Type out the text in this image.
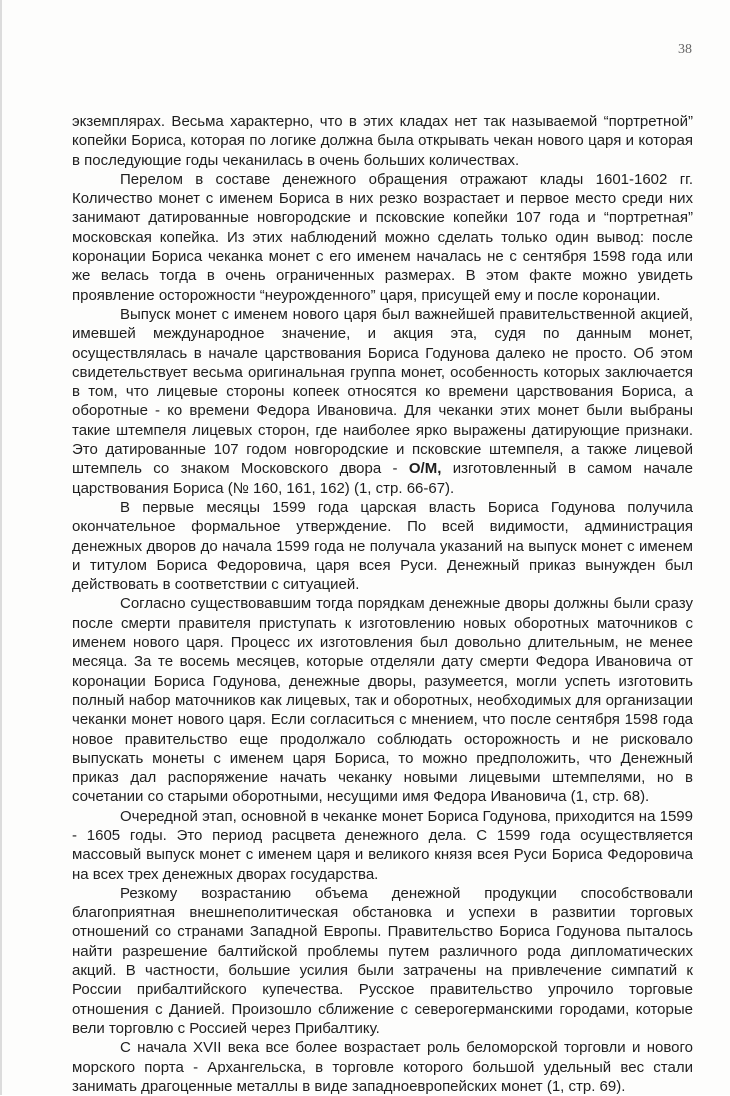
38

экземплярах. Весьма характерно, что в этих кладах нет так называемой “портретной” копейки Бориса, которая по логике должна была открывать чекан нового царя и которая в последующие годы чеканилась в очень больших количествах.

Перелом в составе денежного обращения отражают клады 1601-1602 гг. Количество монет с именем Бориса в них резко возрастает и первое место среди них занимают датированные новгородские и псковские копейки 107 года и “портретная” московская копейка. Из этих наблюдений можно сделать только один вывод: после коронации Бориса чеканка монет с его именем началась не с сентября 1598 года или же велась тогда в очень ограниченных размерах. В этом факте можно увидеть проявление осторожности “неурожденного” царя, присущей ему и после коронации.

Выпуск монет с именем нового царя был важнейшей правительственной акцией, имевшей международное значение, и акция эта, судя по данным монет, осуществлялась в начале царствования Бориса Годунова далеко не просто. Об этом свидетельствует весьма оригинальная группа монет, особенность которых заключается в том, что лицевые стороны копеек относятся ко времени царствования Бориса, а оборотные - ко времени Федора Ивановича. Для чеканки этих монет были выбраны такие штемпеля лицевых сторон, где наиболее ярко выражены датирующие признаки. Это датированные 107 годом новгородские и псковские штемпеля, а также лицевой штемпель со знаком Московского двора - О/М, изготовленный в самом начале царствования Бориса (№ 160, 161, 162) (1, стр. 66-67).

В первые месяцы 1599 года царская власть Бориса Годунова получила окончательное формальное утверждение. По всей видимости, администрация денежных дворов до начала 1599 года не получала указаний на выпуск монет с именем и титулом Бориса Федоровича, царя всея Руси. Денежный приказ вынужден был действовать в соответствии с ситуацией.

Согласно существовавшим тогда порядкам денежные дворы должны были сразу после смерти правителя приступать к изготовлению новых оборотных маточников с именем нового царя. Процесс их изготовления был довольно длительным, не менее месяца. За те восемь месяцев, которые отделяли дату смерти Федора Ивановича от коронации Бориса Годунова, денежные дворы, разумеется, могли успеть изготовить полный набор маточников как лицевых, так и оборотных, необходимых для организации чеканки монет нового царя. Если согласиться с мнением, что после сентября 1598 года новое правительство еще продолжало соблюдать осторожность и не рисковало выпускать монеты с именем царя Бориса, то можно предположить, что Денежный приказ дал распоряжение начать чеканку новыми лицевыми штемпелями, но в сочетании со старыми оборотными, несущими имя Федора Ивановича (1, стр. 68).

Очередной этап, основной в чеканке монет Бориса Годунова, приходится на 1599 - 1605 годы. Это период расцвета денежного дела. С 1599 года осуществляется массовый выпуск монет с именем царя и великого князя всея Руси Бориса Федоровича на всех трех денежных дворах государства.

Резкому возрастанию объема денежной продукции способствовали благоприятная внешнеполитическая обстановка и успехи в развитии торговых отношений со странами Западной Европы. Правительство Бориса Годунова пыталось найти разрешение балтийской проблемы путем различного рода дипломатических акций. В частности, большие усилия были затрачены на привлечение симпатий к России прибалтийского купечества. Русское правительство упрочило торговые отношения с Данией. Произошло сближение с северогерманскими городами, которые вели торговлю с Россией через Прибалтику.

С начала XVII века все более возрастает роль беломорской торговли и нового морского порта - Архангельска, в торговле которого большой удельный вес стали занимать драгоценные металлы в виде западноевропейских монет (1, стр. 69).
